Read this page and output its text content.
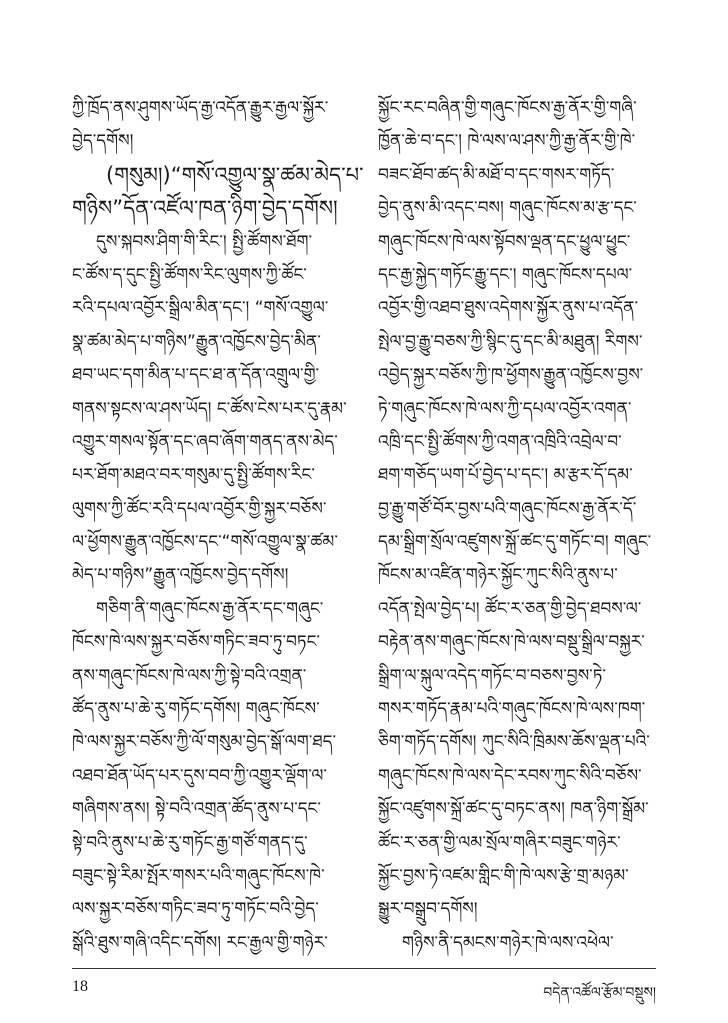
ཀྱི་ཁྲོད་ནས་ཤུགས་ཡོད་རྒྱ་འདོན་རྒྱུར་རྒྱལ་སྐྱོར་
བྱེད་དགོས།
(གསུམ།)“གསོ་འགྱུལ་སྣ་ཚམ་མེད་པ་
གཉིས”དོན་འཛོལ་ཁན་ཉིག་བྱེད་དགོས།
དུས་སྐབས་ཤིག་གི་རིང་། སྤྱི་ཚོགས་ཐོག་
ང་ཚོས་ད་དུང་སྤྱི་ཚོགས་རིང་ལུགས་ཀྱི་ཚོང་
རའི་དཔལ་འབྱོར་སྒྲིལ་མིན་དང་། “གསོ་འགྱུལ་
སྣ་ཚམ་མེད་པ་གཉིས”རྒྱུན་འཁྱོངས་བྱེད་མིན་
ཐབ་ཡང་དག་མིན་པ་དང་ཐ་ན་དོན་འགྲུལ་གྱི་
གནས་སྟངས་ལ་ཤས་ཡོད། ང་ཚོས་ངེས་པར་དུ་རྣམ་
འགྱུར་གསལ་སྟོན་དང་ཞབ་ཞོག་གནད་ནས་མེད་
པར་ཐོག་མཐའ་བར་གསུམ་དུ་སྤྱི་ཚོགས་རིང་
ལུགས་ཀྱི་ཚོང་རའི་དཔལ་འབྱོར་གྱི་སྐྱར་བཅོས་
ལ་ཕྱོགས་རྒྱུན་འཁྱོངས་དང་“གསོ་འགྱུལ་སྣ་ཚམ་
མེད་པ་གཉིས”རྒྱུན་འཁྱོངས་བྱེད་དགོས།
གཅིག་ནི་གཞུང་ཁོངས་རྒྱ་ནོར་དང་གཞུང་
ཁོངས་ཁེ་ལས་སྐྱར་བཅོས་གཏིང་ཟབ་ཏུ་བཏང་
ནས་གཞུང་ཁོངས་ཁེ་ལས་ཀྱི་སྟེ་བའི་འགྲན་
ཚོད་ནུས་པ་ཆེ་རུ་གཏོང་དགོས། གཞུང་ཁོངས་
ཁེ་ལས་སྐྱར་བཅོས་ཀྱི་ལོ་གསུམ་བྱེད་སྒོ་ལག་ཐད་
འཐབ་ཐོན་ཡོད་པར་དུས་བབ་ཀྱི་འགྱུར་ལྡོག་ལ་
གཞིགས་ནས། སྟེ་བའི་འགྲན་ཚོད་ནུས་པ་དང་
སྟེ་བའི་ནུས་པ་ཆེ་རུ་གཏོང་རྒྱ་གཙོ་གནད་དུ་
བཟུང་སྟེ་རིམ་སྤོར་གསར་པའི་གཞུང་ཁོངས་ཁེ་
ལས་སྐྱར་བཅོས་གཏིང་ཟབ་ཏུ་གཏོང་བའི་བྱེད་
སྒོའི་ཐུས་གཞི་འདིང་དགོས། རང་རྒྱལ་གྱི་གཉེར་
སྐྱོང་རང་བཞིན་གྱི་གཞུང་ཁོངས་རྒྱ་ནོར་གྱི་གཞི་
ཁྱོན་ཆེ་བ་དང་། ཁེ་ལས་ལ་ཤས་ཀྱི་རྒྱ་ནོར་གྱི་ཁེ་
བཟང་ཐོབ་ཚད་མི་མཐོ་བ་དང་གསར་གཏོད་
བྱེད་ནུས་མི་འདང་བས། གཞུང་ཁོངས་མ་རྩ་དང་
གཞུང་ཁོངས་ཁེ་ལས་སྟོབས་ལྡན་དང་ཕྱུལ་ཕྱུང་
དང་རྒྱ་སྐྱེད་གཏོང་རྒྱུ་དང་། གཞུང་ཁོངས་དཔལ་
འབྱོར་གྱི་འཐབ་ཐུས་འདེགས་སྐྱོར་ནུས་པ་འདོན་
སྤེལ་བྱ་རྒྱུ་བཅས་ཀྱི་སྙིང་དུ་དང་མི་མཐུན། རིགས་
འབྱེད་སྐྱར་བཅོས་ཀྱི་ཁ་ཕྱོགས་རྒྱུན་འཁྱོངས་བྱས་
ཏེ་གཞུང་ཁོངས་ཁེ་ལས་ཀྱི་དཔལ་འབྱོར་འགན་
འཁྲི་དང་སྤྱི་ཚོགས་ཀྱི་འགན་འཁྲིའི་འབྲེལ་བ་
ཐག་གཅོད་ཡག་པོ་བྱེད་པ་དང་། མ་རྩར་དོ་དམ་
བྱ་རྒྱུ་གཙོ་བོར་བྱས་པའི་གཞུང་ཁོངས་རྒྱ་ནོར་དོ་
དམ་སྒྲིག་སྲོལ་འཛུགས་སྐྲོ་ཚང་དུ་གཏོང་བ། གཞུང་
ཁོངས་མ་འཛིན་གཉེར་སྐྱོང་ཀུང་སིའི་ནུས་པ་
འདོན་སྤེལ་བྱེད་པ། ཚོང་ར་ཅན་གྱི་བྱེད་ཐབས་ལ་
བརྟེན་ནས་གཞུང་ཁོངས་ཁེ་ལས་བསྡུ་སྒྲིལ་བསྐྱར་
སྒྲིག་ལ་སྐུལ་འདེད་གཏོང་བ་བཅས་བྱས་ཏེ་
གསར་གཏོད་རྣམ་པའི་གཞུང་ཁོངས་ཁེ་ལས་ཁག་
ཅིག་གཏོད་དགོས། ཀུང་སིའི་ཁྲིམས་ཆོས་ལྡན་པའི་
གཞུང་ཁོངས་ཁེ་ལས་དེང་རབས་ཀུང་སིའི་བཅོས་
སྐྱོང་འཛུགས་སྐྲོ་ཚང་དུ་བཏང་ནས། ཁན་ཉིག་སྒྲོམ་
ཚོང་ར་ཅན་གྱི་ལམ་སྲོལ་གཞིར་བཟུང་གཉེར་
སྐྱོང་བྱས་ཏེ་འཛམ་གླིང་གི་ཁེ་ལས་རྩེ་གྲ་མཉམ་
སྒྱུར་བསྒྲུབ་དགོས།
གཉིས་ནི་དམངས་གཉེར་ཁེ་ལས་འཕེལ་
18	བདེན་འཚོལ་རྩོམ་བསྡུས།
